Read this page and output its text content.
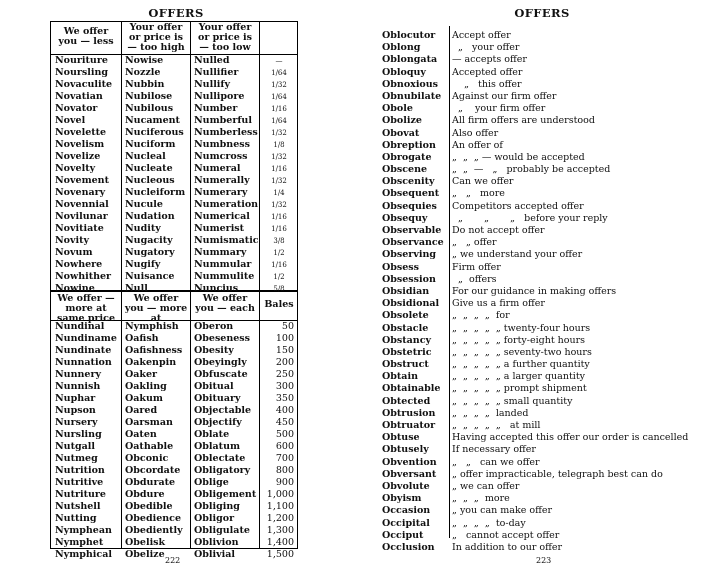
OFFERS
We offer you — less
Your offer or price is — too high
Your offer or price is — too low
Nouriture
Noursling
Novaculite
Novatian
Novator
Novel
Novelette
Novelism
Novelize
Novelty
Novement
Novenary
Novennial
Novilunar
Novitiate
Novity
Novum
Nowhere
Nowhither
Nowine
Nowise
Nozzle
Nubbin
Nubilose
Nubilous
Nucament
Nuciferous
Nuciform
Nucleal
Nucleate
Nucleous
Nucleiform
Nucule
Nudation
Nudity
Nugacity
Nugatory
Nugify
Nuisance
Null
Nulled
Nullifier
Nullify
Nullipore
Number
Numberful
Numberless
Numbness
Numcross
Numeral
Numerally
Numerary
Numeration
Numerical
Numerist
Numismatic
Nummary
Nummular
Nummulite
Nuncius
—
1/64
1/32
1/64
1/16
1/64
1/32
1/8
1/32
1/16
1/32
1/4
1/32
1/16
1/16
3/8
1/2
1/16
1/2
5/8
We offer — more at same price
We offer you — more at
We offer you — each	Bales
Nundinal
Nundiname
Nundinate
Nunnation
Nunnery
Nunnish
Nuphar
Nupson
Nursery
Nursling
Nutgall
Nutmeg
Nutrition
Nutritive
Nutriture
Nutshell
Nutting
Nymphean
Nymphet
Nymphical
Nymphish
Oafish
Oafishness
Oakenpin
Oaker
Oakling
Oakum
Oared
Oarsman
Oaten
Oathable
Obconic
Obcordate
Obdurate
Obdure
Obedible
Obedience
Obediently
Obelisk
Obelize
Oberon
Obeseness
Obesity
Obeyingly
Obfuscate
Obitual
Obituary
Objectable
Objectify
Oblate
Oblatum
Oblectate
Obligatory
Oblige
Obligement
Obliging
Obligor
Obligulate
Oblivion
Oblivial
50
100
150
200
250
300
350
400
450
500
600
700
800
900
1,000
1,100
1,200
1,300
1,400
1,500
222
OFFERS
Oblocutor
Oblong
Oblongata
Obloquy
Obnoxious
Obnubilate
Obole
Obolize
Obovat
Obreption
Obrogate
Obscene
Obscenity
Obsequent
Obsequies
Obsequy
Observable
Observance
Observing
Obsess
Obsession
Obsidian
Obsidional
Obsolete
Obstacle
Obstancy
Obstetric
Obstruct
Obtain
Obtainable
Obtected
Obtrusion
Obtruator
Obtuse
Obtusely
Obvention
Obversant
Obvolute
Obyism
Occasion
Occipital
Occiput
Occlusion
Accept offer
„   your offer
— accepts offer
Accepted offer
„   this offer
Against our firm offer
„    your firm offer
All firm offers are understood
Also offer
An offer of
„  „  „ — would be accepted
„  „  —   „   probably be accepted
Can we offer
„   „   more
Competitors accepted offer
„       „       „   before your reply
Do not accept offer
„   „ offer
„ we understand your offer
Firm offer
„  offers
For our guidance in making offers
Give us a firm offer
„  „  „  „  for
„  „  „  „  „ twenty-four hours
„  „  „  „  „ forty-eight hours
„  „  „  „  „ seventy-two hours
„  „  „  „  „ a further quantity
„  „  „  „  „ a larger quantity
„  „  „  „  „ prompt shipment
„  „  „  „  „ small quantity
„  „  „  „  landed
„  „  „  „  „   at mill
Having accepted this offer our order is cancelled
If necessary offer
„   „   can we offer
„ offer impracticable, telegraph best can do
„ we can offer
„  „  „  more
„ you can make offer
„  „  „  „  to-day
„   cannot accept offer
In addition to our offer
223
